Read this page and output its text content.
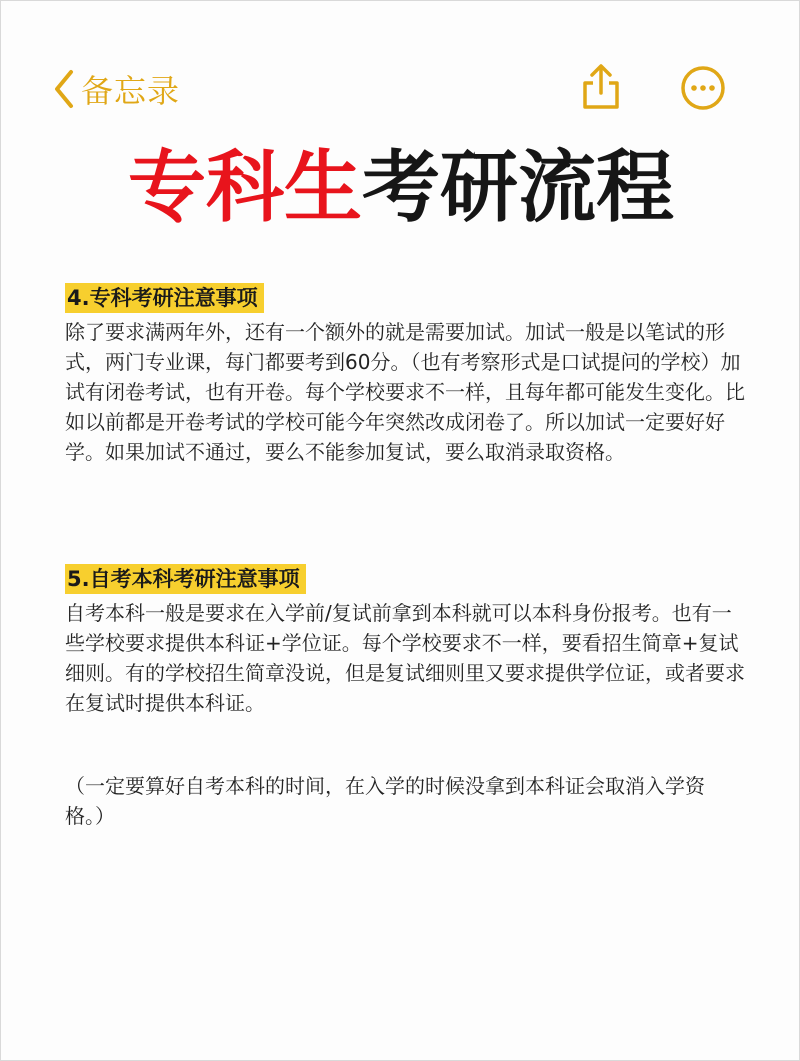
备忘录
专科生考研流程
4.专科考研注意事项

除了要求满两年外，还有一个额外的就是需要加试。加试一般是以笔试的形式，两门专业课，每门都要考到60分。（也有考察形式是口试提问的学校）加试有闭卷考试，也有开卷。每个学校要求不一样，且每年都可能发生变化。比如以前都是开卷考试的学校可能今年突然改成闭卷了。所以加试一定要好好学。如果加试不通过，要么不能参加复试，要么取消录取资格。

5.自考本科考研注意事项

自考本科一般是要求在入学前/复试前拿到本科就可以本科身份报考。也有一些学校要求提供本科证+学位证。每个学校要求不一样，要看招生简章+复试细则。有的学校招生简章没说，但是复试细则里又要求提供学位证，或者要求在复试时提供本科证。

（一定要算好自考本科的时间，在入学的时候没拿到本科证会取消入学资格。）
